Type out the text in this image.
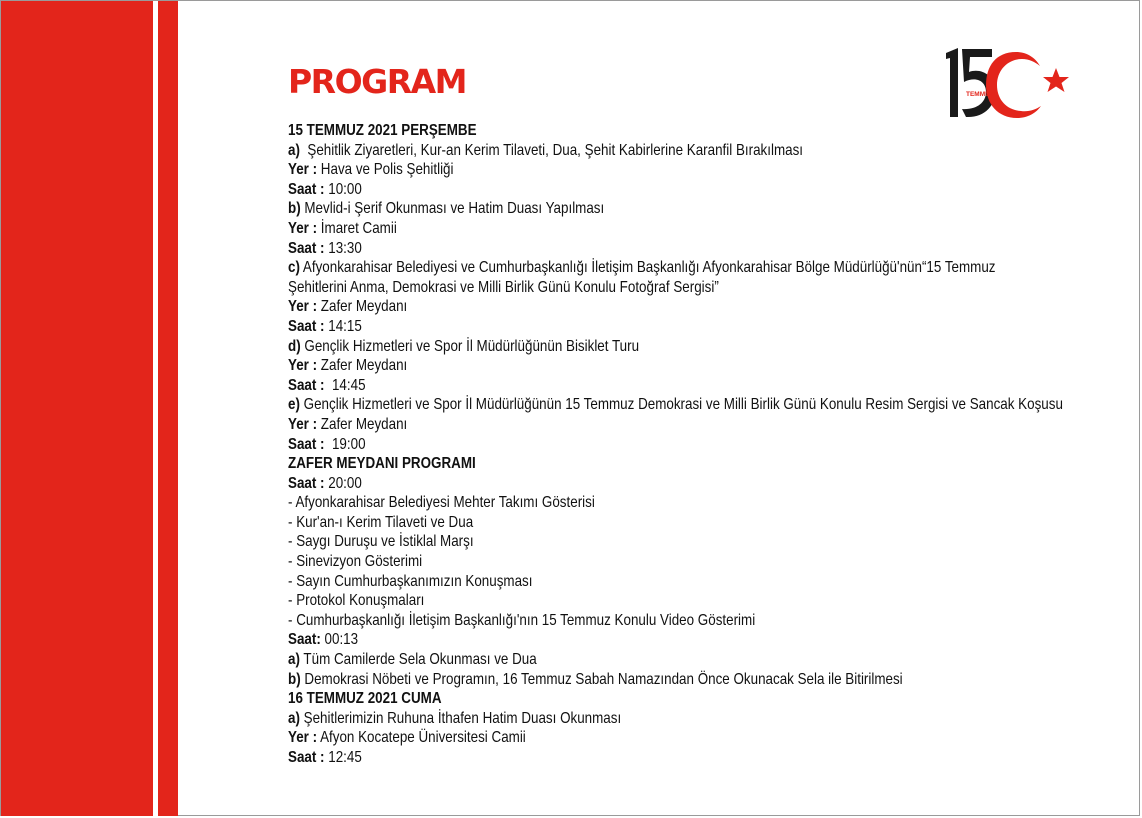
PROGRAM	TEMMUZ
15 TEMMUZ 2021 PERŞEMBE
a)  Şehitlik Ziyaretleri, Kur-an Kerim Tilaveti, Dua, Şehit Kabirlerine Karanfil Bırakılması
Yer : Hava ve Polis Şehitliği
Saat : 10:00
b) Mevlid-i Şerif Okunması ve Hatim Duası Yapılması
Yer : İmaret Camii
Saat : 13:30
c) Afyonkarahisar Belediyesi ve Cumhurbaşkanlığı İletişim Başkanlığı Afyonkarahisar Bölge Müdürlüğü'nün“15 Temmuz
Şehitlerini Anma, Demokrasi ve Milli Birlik Günü Konulu Fotoğraf Sergisi”
Yer : Zafer Meydanı
Saat : 14:15
d) Gençlik Hizmetleri ve Spor İl Müdürlüğünün Bisiklet Turu
Yer : Zafer Meydanı
Saat :  14:45
e) Gençlik Hizmetleri ve Spor İl Müdürlüğünün 15 Temmuz Demokrasi ve Milli Birlik Günü Konulu Resim Sergisi ve Sancak Koşusu
Yer : Zafer Meydanı
Saat :  19:00
ZAFER MEYDANI PROGRAMI
Saat : 20:00
- Afyonkarahisar Belediyesi Mehter Takımı Gösterisi
- Kur'an-ı Kerim Tilaveti ve Dua
- Saygı Duruşu ve İstiklal Marşı
- Sinevizyon Gösterimi
- Sayın Cumhurbaşkanımızın Konuşması
- Protokol Konuşmaları
- Cumhurbaşkanlığı İletişim Başkanlığı'nın 15 Temmuz Konulu Video Gösterimi
Saat: 00:13
a) Tüm Camilerde Sela Okunması ve Dua
b) Demokrasi Nöbeti ve Programın, 16 Temmuz Sabah Namazından Önce Okunacak Sela ile Bitirilmesi
16 TEMMUZ 2021 CUMA
a) Şehitlerimizin Ruhuna İthafen Hatim Duası Okunması
Yer : Afyon Kocatepe Üniversitesi Camii
Saat : 12:45
